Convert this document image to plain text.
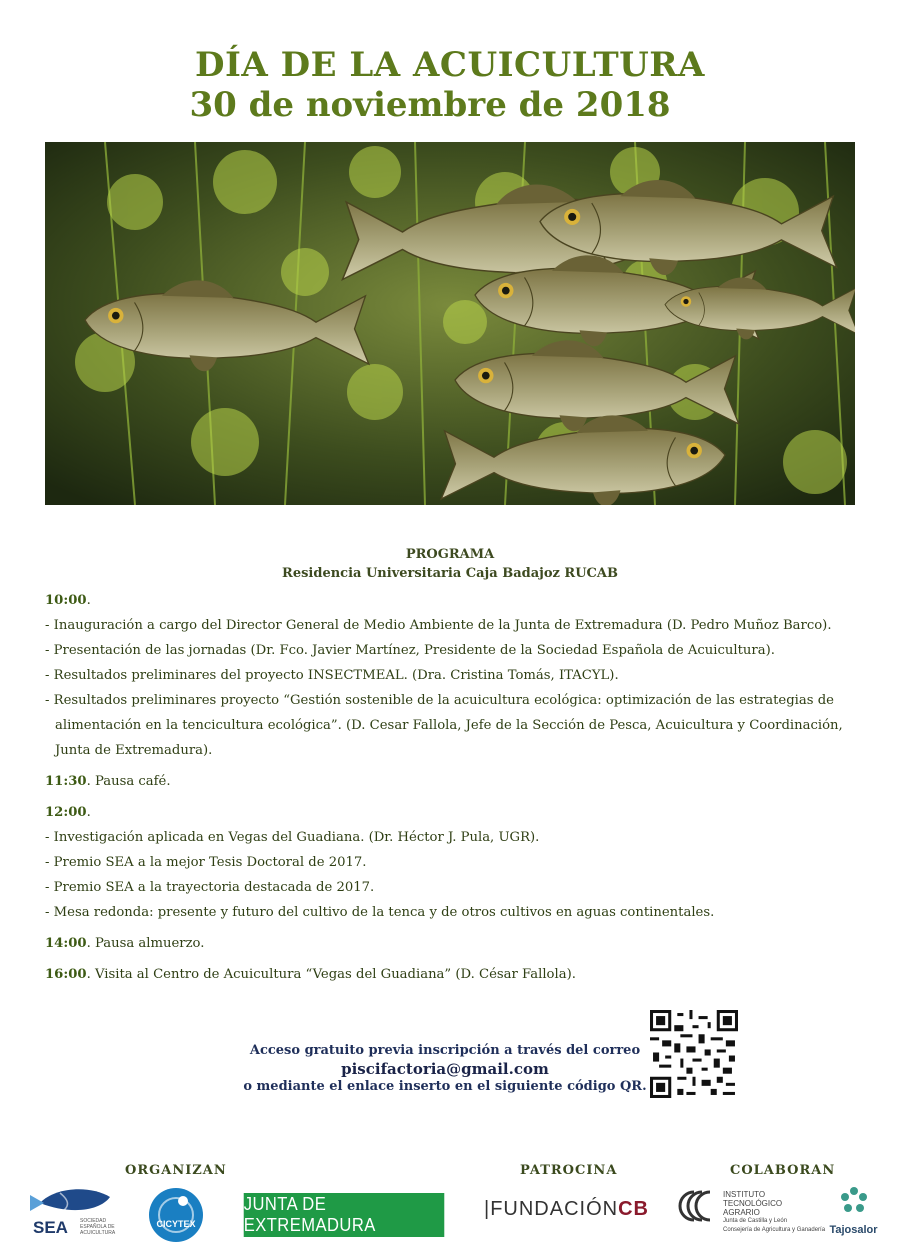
DÍA DE LA ACUICULTURA
30 de noviembre de 2018
PROGRAMA
Residencia Universitaria Caja Badajoz RUCAB
10:00.
- Inauguración a cargo del Director General de Medio Ambiente de la Junta de Extremadura (D. Pedro Muñoz Barco).
- Presentación de las jornadas (Dr. Fco. Javier Martínez, Presidente de la Sociedad Española de Acuicultura).
- Resultados preliminares del proyecto INSECTMEAL. (Dra. Cristina Tomás, ITACYL).
- Resultados preliminares proyecto “Gestión sostenible de la acuicultura ecológica: optimización de las estrategias de alimentación en la tencicultura ecológica”. (D. Cesar Fallola, Jefe de la Sección de Pesca, Acuicultura y Coordinación, Junta de Extremadura).
11:30. Pausa café.
12:00.
- Investigación aplicada en Vegas del Guadiana. (Dr. Héctor J. Pula, UGR).
- Premio SEA a la mejor Tesis Doctoral de 2017.
- Premio SEA a la trayectoria destacada de 2017.
- Mesa redonda: presente y futuro del cultivo de la tenca y de otros cultivos en aguas continentales.
14:00. Pausa almuerzo.
16:00. Visita al Centro de Acuicultura “Vegas del Guadiana” (D. César Fallola).
Acceso gratuito previa inscripción a través del correo
piscifactoria@gmail.com
o mediante el enlace inserto en el siguiente código QR.
ORGANIZAN	PATROCINA	COLABORAN
SEA SOCIEDAD ESPAÑOLA DE ACUICULTURA
CICYTEX
JUNTA DE EXTREMADURA
|FUNDACIÓNCB
INSTITUTO
TECNOLÓGICO
AGRARIO
Junta de Castilla y León
Consejería de Agricultura y Ganadería Tajosalor
